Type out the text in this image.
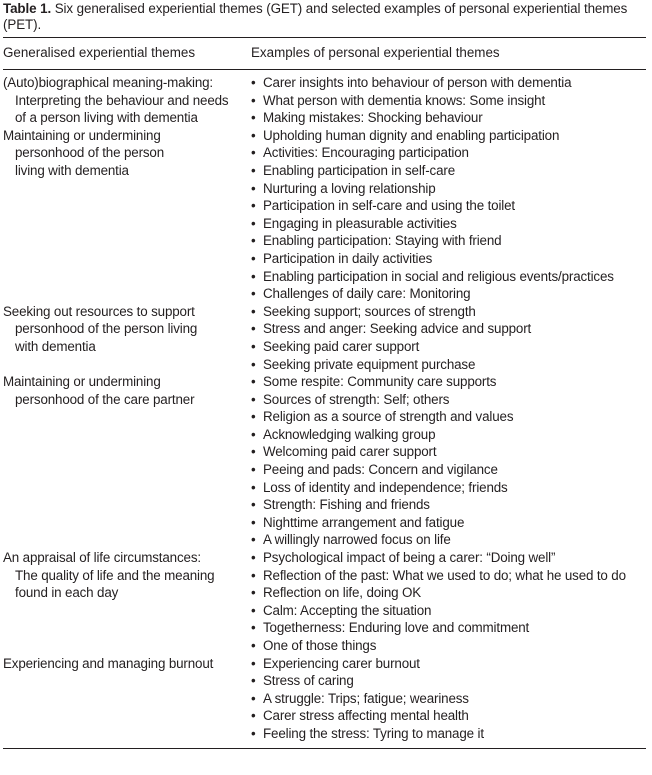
Table 1. Six generalised experiential themes (GET) and selected examples of personal experiential themes (PET).
Generalised experiential themes	Examples of personal experiential themes
(Auto)biographical meaning-making:
Interpreting the behaviour and needs
of a person living with dementia
• Carer insights into behaviour of person with dementia
• What person with dementia knows: Some insight
• Making mistakes: Shocking behaviour
Maintaining or undermining
personhood of the person
living with dementia
• Upholding human dignity and enabling participation
• Activities: Encouraging participation
• Enabling participation in self-care
• Nurturing a loving relationship
• Participation in self-care and using the toilet
• Engaging in pleasurable activities
• Enabling participation: Staying with friend
• Participation in daily activities
• Enabling participation in social and religious events/practices
• Challenges of daily care: Monitoring
Seeking out resources to support
personhood of the person living
with dementia
• Seeking support; sources of strength
• Stress and anger: Seeking advice and support
• Seeking paid carer support
• Seeking private equipment purchase
Maintaining or undermining
personhood of the care partner
• Some respite: Community care supports
• Sources of strength: Self; others
• Religion as a source of strength and values
• Acknowledging walking group
• Welcoming paid carer support
• Peeing and pads: Concern and vigilance
• Loss of identity and independence; friends
• Strength: Fishing and friends
• Nighttime arrangement and fatigue
• A willingly narrowed focus on life
An appraisal of life circumstances:
The quality of life and the meaning
found in each day
• Psychological impact of being a carer: “Doing well”
• Reflection of the past: What we used to do; what he used to do
• Reflection on life, doing OK
• Calm: Accepting the situation
• Togetherness: Enduring love and commitment
• One of those things
Experiencing and managing burnout	• Experiencing carer burnout
• Stress of caring
• A struggle: Trips; fatigue; weariness
• Carer stress affecting mental health
• Feeling the stress: Tyring to manage it
